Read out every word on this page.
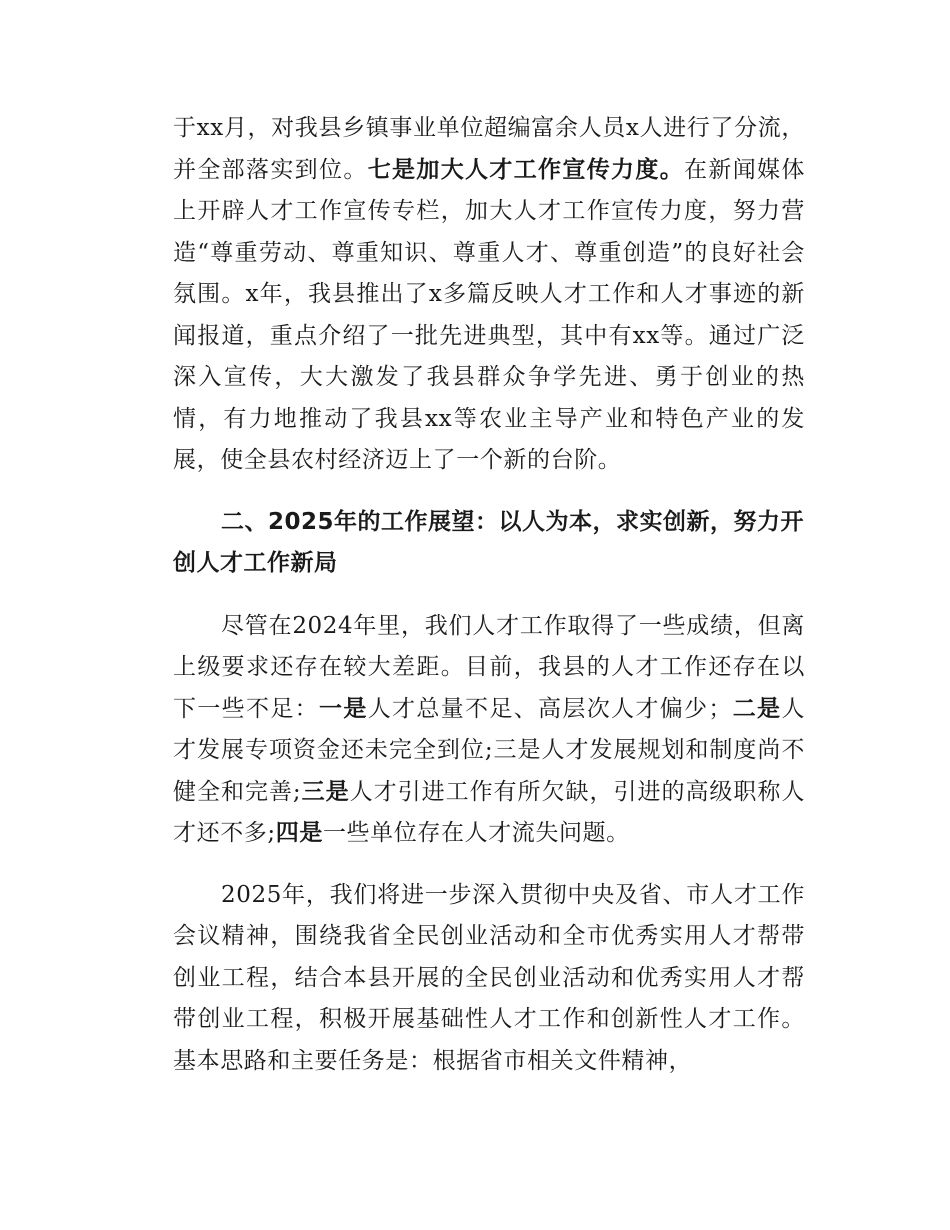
于xx月，对我县乡镇事业单位超编富余人员x人进行了分流，并全部落实到位。七是加大人才工作宣传力度。在新闻媒体上开辟人才工作宣传专栏，加大人才工作宣传力度，努力营造“尊重劳动、尊重知识、尊重人才、尊重创造”的良好社会氛围。x年，我县推出了x多篇反映人才工作和人才事迹的新闻报道，重点介绍了一批先进典型，其中有xx等。通过广泛深入宣传，大大激发了我县群众争学先进、勇于创业的热情，有力地推动了我县xx等农业主导产业和特色产业的发展，使全县农村经济迈上了一个新的台阶。

二、2025年的工作展望：以人为本，求实创新，努力开创人才工作新局

尽管在2024年里，我们人才工作取得了一些成绩，但离上级要求还存在较大差距。目前，我县的人才工作还存在以下一些不足：一是人才总量不足、高层次人才偏少；二是人才发展专项资金还未完全到位;三是人才发展规划和制度尚不健全和完善;三是人才引进工作有所欠缺，引进的高级职称人才还不多;四是一些单位存在人才流失问题。

2025年，我们将进一步深入贯彻中央及省、市人才工作会议精神，围绕我省全民创业活动和全市优秀实用人才帮带创业工程，结合本县开展的全民创业活动和优秀实用人才帮带创业工程，积极开展基础性人才工作和创新性人才工作。基本思路和主要任务是：根据省市相关文件精神，
